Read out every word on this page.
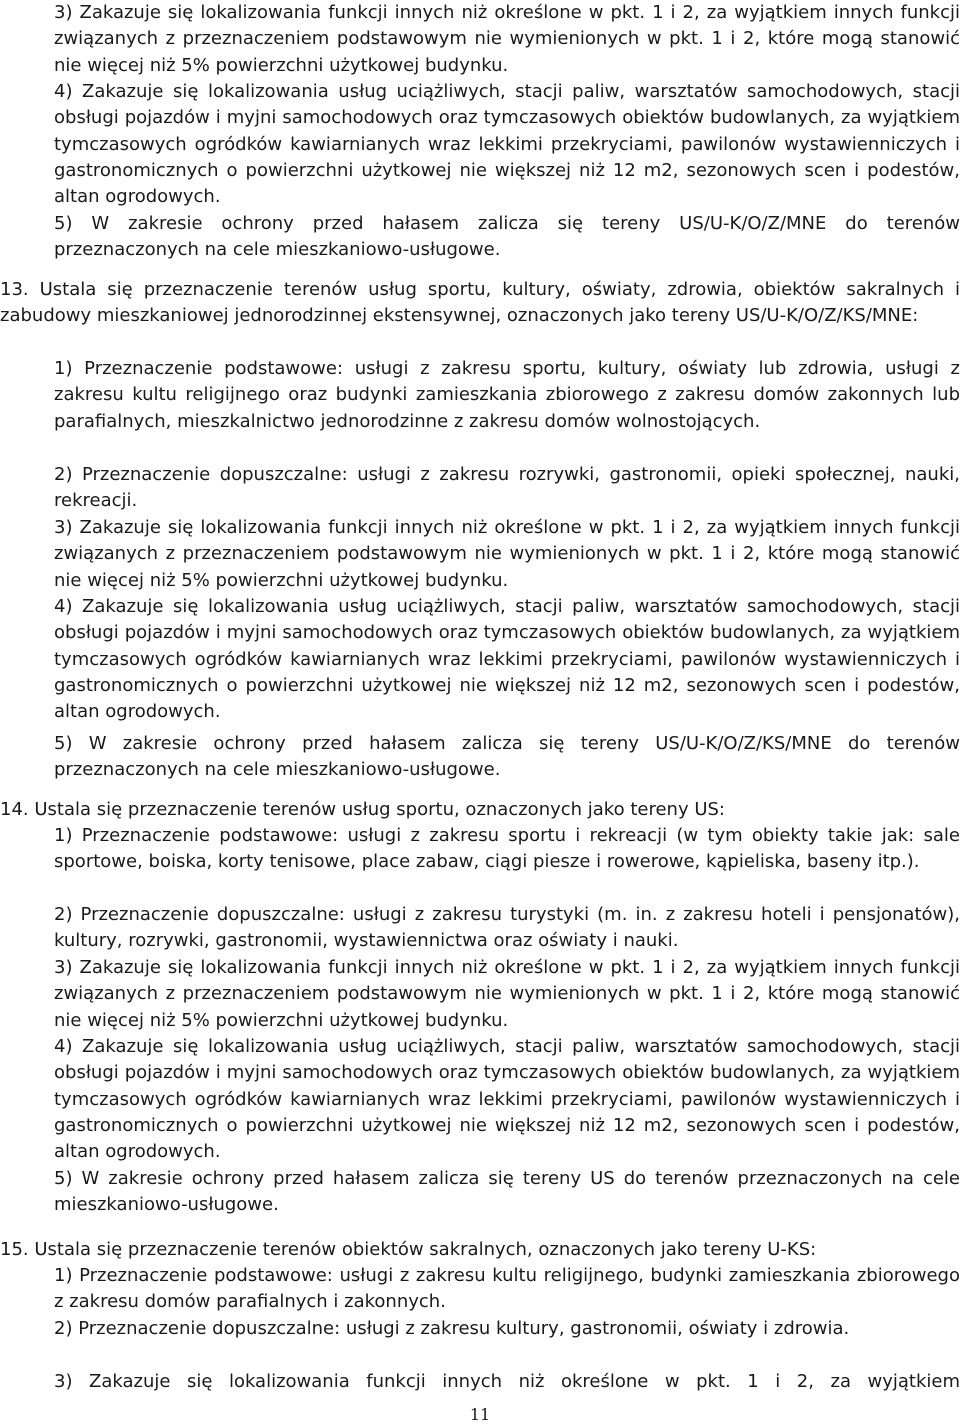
3) Zakazuje się lokalizowania funkcji innych niż określone w pkt. 1 i 2, za wyjątkiem innych funkcji związanych z przeznaczeniem podstawowym nie wymienionych w pkt. 1 i 2, które mogą stanowić nie więcej niż 5% powierzchni użytkowej budynku.

4) Zakazuje się lokalizowania usług uciążliwych, stacji paliw, warsztatów samochodowych, stacji obsługi pojazdów i myjni samochodowych oraz tymczasowych obiektów budowlanych, za wyjątkiem tymczasowych ogródków kawiarnianych wraz lekkimi przekryciami, pawilonów wystawienniczych i gastronomicznych o powierzchni użytkowej nie większej niż 12 m2, sezonowych scen i podestów, altan ogrodowych.

5) W zakresie ochrony przed hałasem zalicza się tereny US/U-K/O/Z/MNE do terenów przeznaczonych na cele mieszkaniowo-usługowe.

13. Ustala się przeznaczenie terenów usług sportu, kultury, oświaty, zdrowia, obiektów sakralnych i zabudowy mieszkaniowej jednorodzinnej ekstensywnej, oznaczonych jako tereny US/U-K/O/Z/KS/MNE:

1) Przeznaczenie podstawowe: usługi z zakresu sportu, kultury, oświaty lub zdrowia, usługi z zakresu kultu religijnego oraz budynki zamieszkania zbiorowego z zakresu domów zakonnych lub parafialnych, mieszkalnictwo jednorodzinne z zakresu domów wolnostojących.

2) Przeznaczenie dopuszczalne: usługi z zakresu rozrywki, gastronomii, opieki społecznej, nauki, rekreacji.

3) Zakazuje się lokalizowania funkcji innych niż określone w pkt. 1 i 2, za wyjątkiem innych funkcji związanych z przeznaczeniem podstawowym nie wymienionych w pkt. 1 i 2, które mogą stanowić nie więcej niż 5% powierzchni użytkowej budynku.

4) Zakazuje się lokalizowania usług uciążliwych, stacji paliw, warsztatów samochodowych, stacji obsługi pojazdów i myjni samochodowych oraz tymczasowych obiektów budowlanych, za wyjątkiem tymczasowych ogródków kawiarnianych wraz lekkimi przekryciami, pawilonów wystawienniczych i gastronomicznych o powierzchni użytkowej nie większej niż 12 m2, sezonowych scen i podestów, altan ogrodowych.

5) W zakresie ochrony przed hałasem zalicza się tereny US/U-K/O/Z/KS/MNE do terenów przeznaczonych na cele mieszkaniowo-usługowe.

14. Ustala się przeznaczenie terenów usług sportu, oznaczonych jako tereny US:

1) Przeznaczenie podstawowe: usługi z zakresu sportu i rekreacji (w tym obiekty takie jak: sale sportowe, boiska, korty tenisowe, place zabaw, ciągi piesze i rowerowe, kąpieliska, baseny itp.).

2) Przeznaczenie dopuszczalne: usługi z zakresu turystyki (m. in. z zakresu hoteli i pensjonatów), kultury, rozrywki, gastronomii, wystawiennictwa oraz oświaty i nauki.

3) Zakazuje się lokalizowania funkcji innych niż określone w pkt. 1 i 2, za wyjątkiem innych funkcji związanych z przeznaczeniem podstawowym nie wymienionych w pkt. 1 i 2, które mogą stanowić nie więcej niż 5% powierzchni użytkowej budynku.

4) Zakazuje się lokalizowania usług uciążliwych, stacji paliw, warsztatów samochodowych, stacji obsługi pojazdów i myjni samochodowych oraz tymczasowych obiektów budowlanych, za wyjątkiem tymczasowych ogródków kawiarnianych wraz lekkimi przekryciami, pawilonów wystawienniczych i gastronomicznych o powierzchni użytkowej nie większej niż 12 m2, sezonowych scen i podestów, altan ogrodowych.

5) W zakresie ochrony przed hałasem zalicza się tereny US do terenów przeznaczonych na cele mieszkaniowo-usługowe.

15. Ustala się przeznaczenie terenów obiektów sakralnych, oznaczonych jako tereny U-KS:

1) Przeznaczenie podstawowe: usługi z zakresu kultu religijnego, budynki zamieszkania zbiorowego z zakresu domów parafialnych i zakonnych.

2) Przeznaczenie dopuszczalne: usługi z zakresu kultury, gastronomii, oświaty i zdrowia.

3) Zakazuje się lokalizowania funkcji innych niż określone w pkt. 1 i 2, za wyjątkiem

11
